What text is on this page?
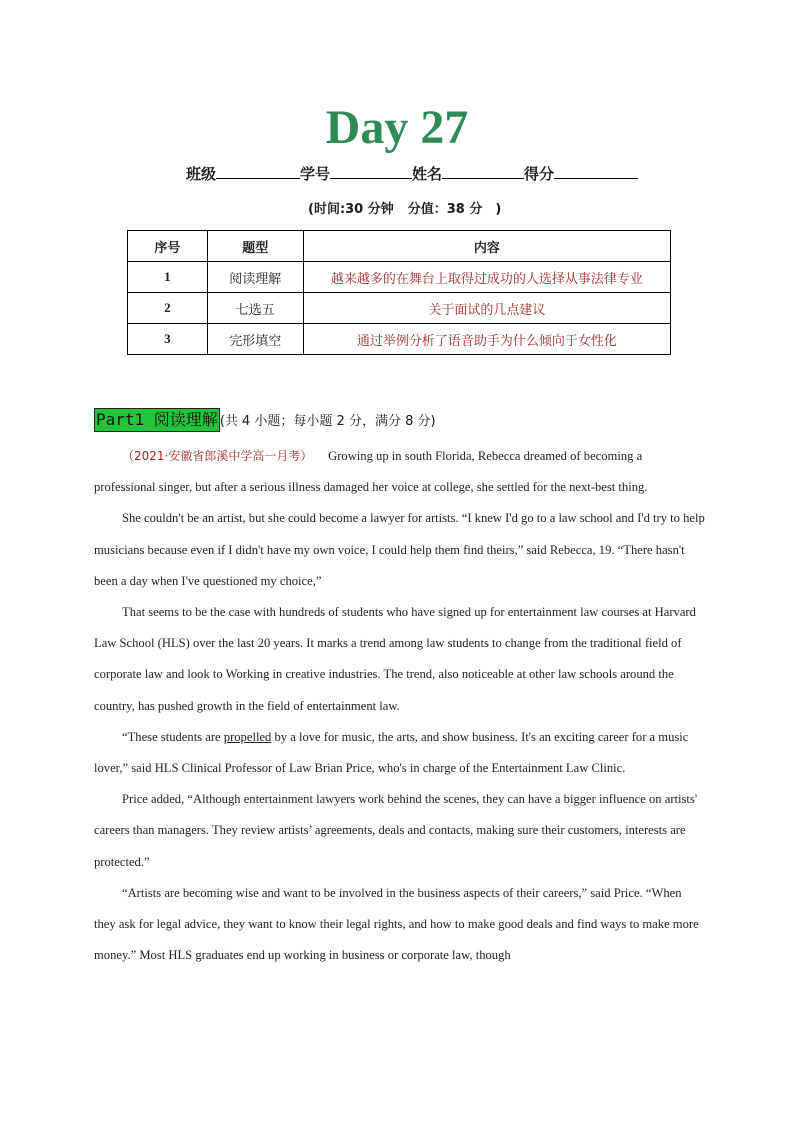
Day 27
班级	学号	姓名	得分
(时间:30 分钟 分值：38 分　)
序号	题型	内容
1	阅读理解	越来越多的在舞台上取得过成功的人选择从事法律专业
2	七选五	关于面试的几点建议
3	完形填空	通过举例分析了语音助手为什么倾向于女性化
Part1 阅读理解 (共 4 小题；每小题 2 分，满分 8 分)

（2021·安徽省郎溪中学高一月考） Growing up in south Florida, Rebecca dreamed of becoming a professional singer, but after a serious illness damaged her voice at college, she settled for the next-best thing.

She couldn't be an artist, but she could become a lawyer for artists. “I knew I'd go to a law school and I'd try to help musicians because even if I didn't have my own voice, I could help them find theirs,” said Rebecca, 19. “There hasn't been a day when I've questioned my choice,”

That seems to be the case with hundreds of students who have signed up for entertainment law courses at Harvard Law School (HLS) over the last 20 years. It marks a trend among law students to change from the traditional field of corporate law and look to Working in creative industries. The trend, also noticeable at other law schools around the country, has pushed growth in the field of entertainment law.

“These students are propelled by a love for music, the arts, and show business. It's an exciting career for a music lover,” said HLS Clinical Professor of Law Brian Price, who's in charge of the Entertainment Law Clinic.

Price added, “Although entertainment lawyers work behind the scenes, they can have a bigger influence on artists' careers than managers. They review artists’ agreements, deals and contacts, making sure their customers, interests are protected.”

“Artists are becoming wise and want to be involved in the business aspects of their careers,” said Price. “When they ask for legal advice, they want to know their legal rights, and how to make good deals and find ways to make more money.” Most HLS graduates end up working in business or corporate law, though
